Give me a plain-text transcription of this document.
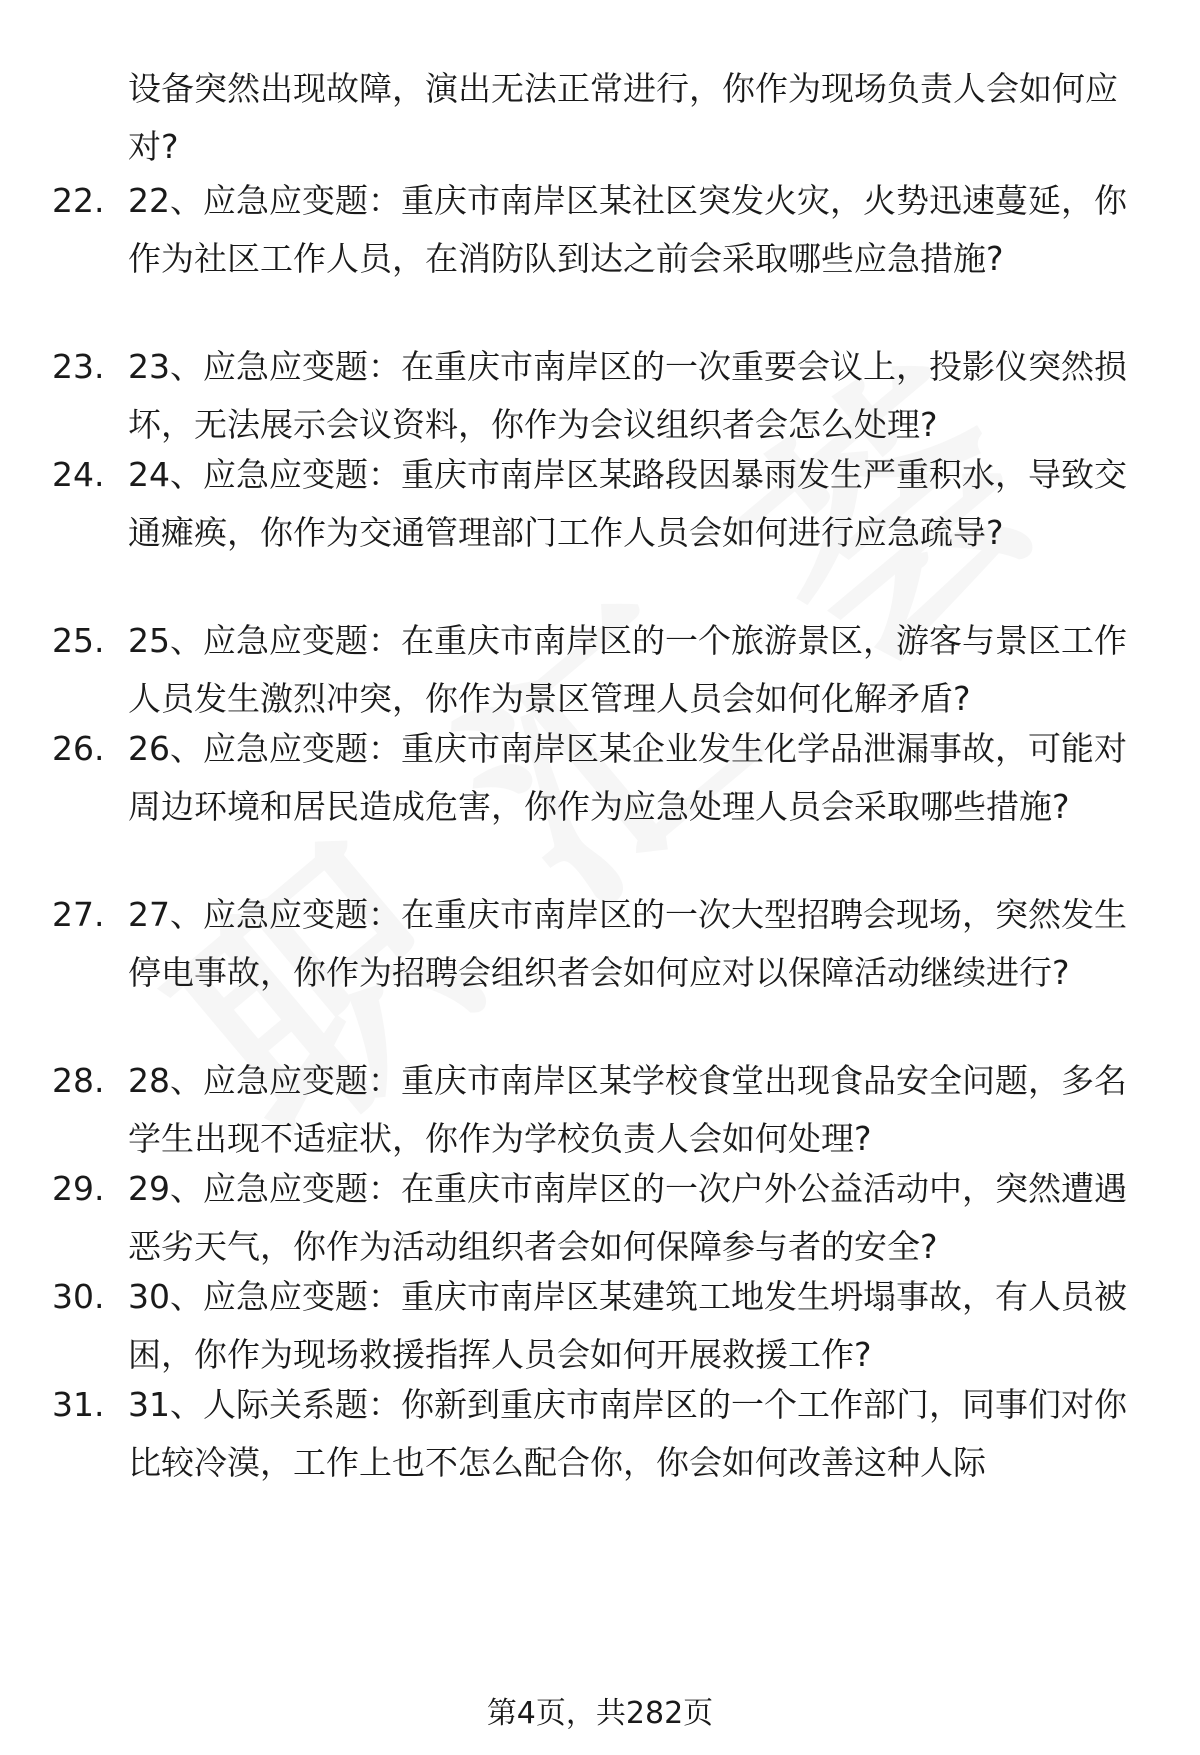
设备突然出现故障，演出无法正常进行，你作为现场负责人会如何应对?
22. 22、应急应变题：重庆市南岸区某社区突发火灾，火势迅速蔓延，你作为社区工作人员，在消防队到达之前会采取哪些应急措施?
23. 23、应急应变题：在重庆市南岸区的一次重要会议上，投影仪突然损坏，无法展示会议资料，你作为会议组织者会怎么处理?
24. 24、应急应变题：重庆市南岸区某路段因暴雨发生严重积水，导致交通瘫痪，你作为交通管理部门工作人员会如何进行应急疏导?
25. 25、应急应变题：在重庆市南岸区的一个旅游景区，游客与景区工作人员发生激烈冲突，你作为景区管理人员会如何化解矛盾?
26. 26、应急应变题：重庆市南岸区某企业发生化学品泄漏事故，可能对周边环境和居民造成危害，你作为应急处理人员会采取哪些措施?
27. 27、应急应变题：在重庆市南岸区的一次大型招聘会现场，突然发生停电事故，你作为招聘会组织者会如何应对以保障活动继续进行?
28. 28、应急应变题：重庆市南岸区某学校食堂出现食品安全问题，多名学生出现不适症状，你作为学校负责人会如何处理?
29. 29、应急应变题：在重庆市南岸区的一次户外公益活动中，突然遭遇恶劣天气，你作为活动组织者会如何保障参与者的安全?
30. 30、应急应变题：重庆市南岸区某建筑工地发生坍塌事故，有人员被困，你作为现场救援指挥人员会如何开展救援工作?
31. 31、人际关系题：你新到重庆市南岸区的一个工作部门，同事们对你比较冷漠，工作上也不怎么配合你，你会如何改善这种人际
第4页，共282页
